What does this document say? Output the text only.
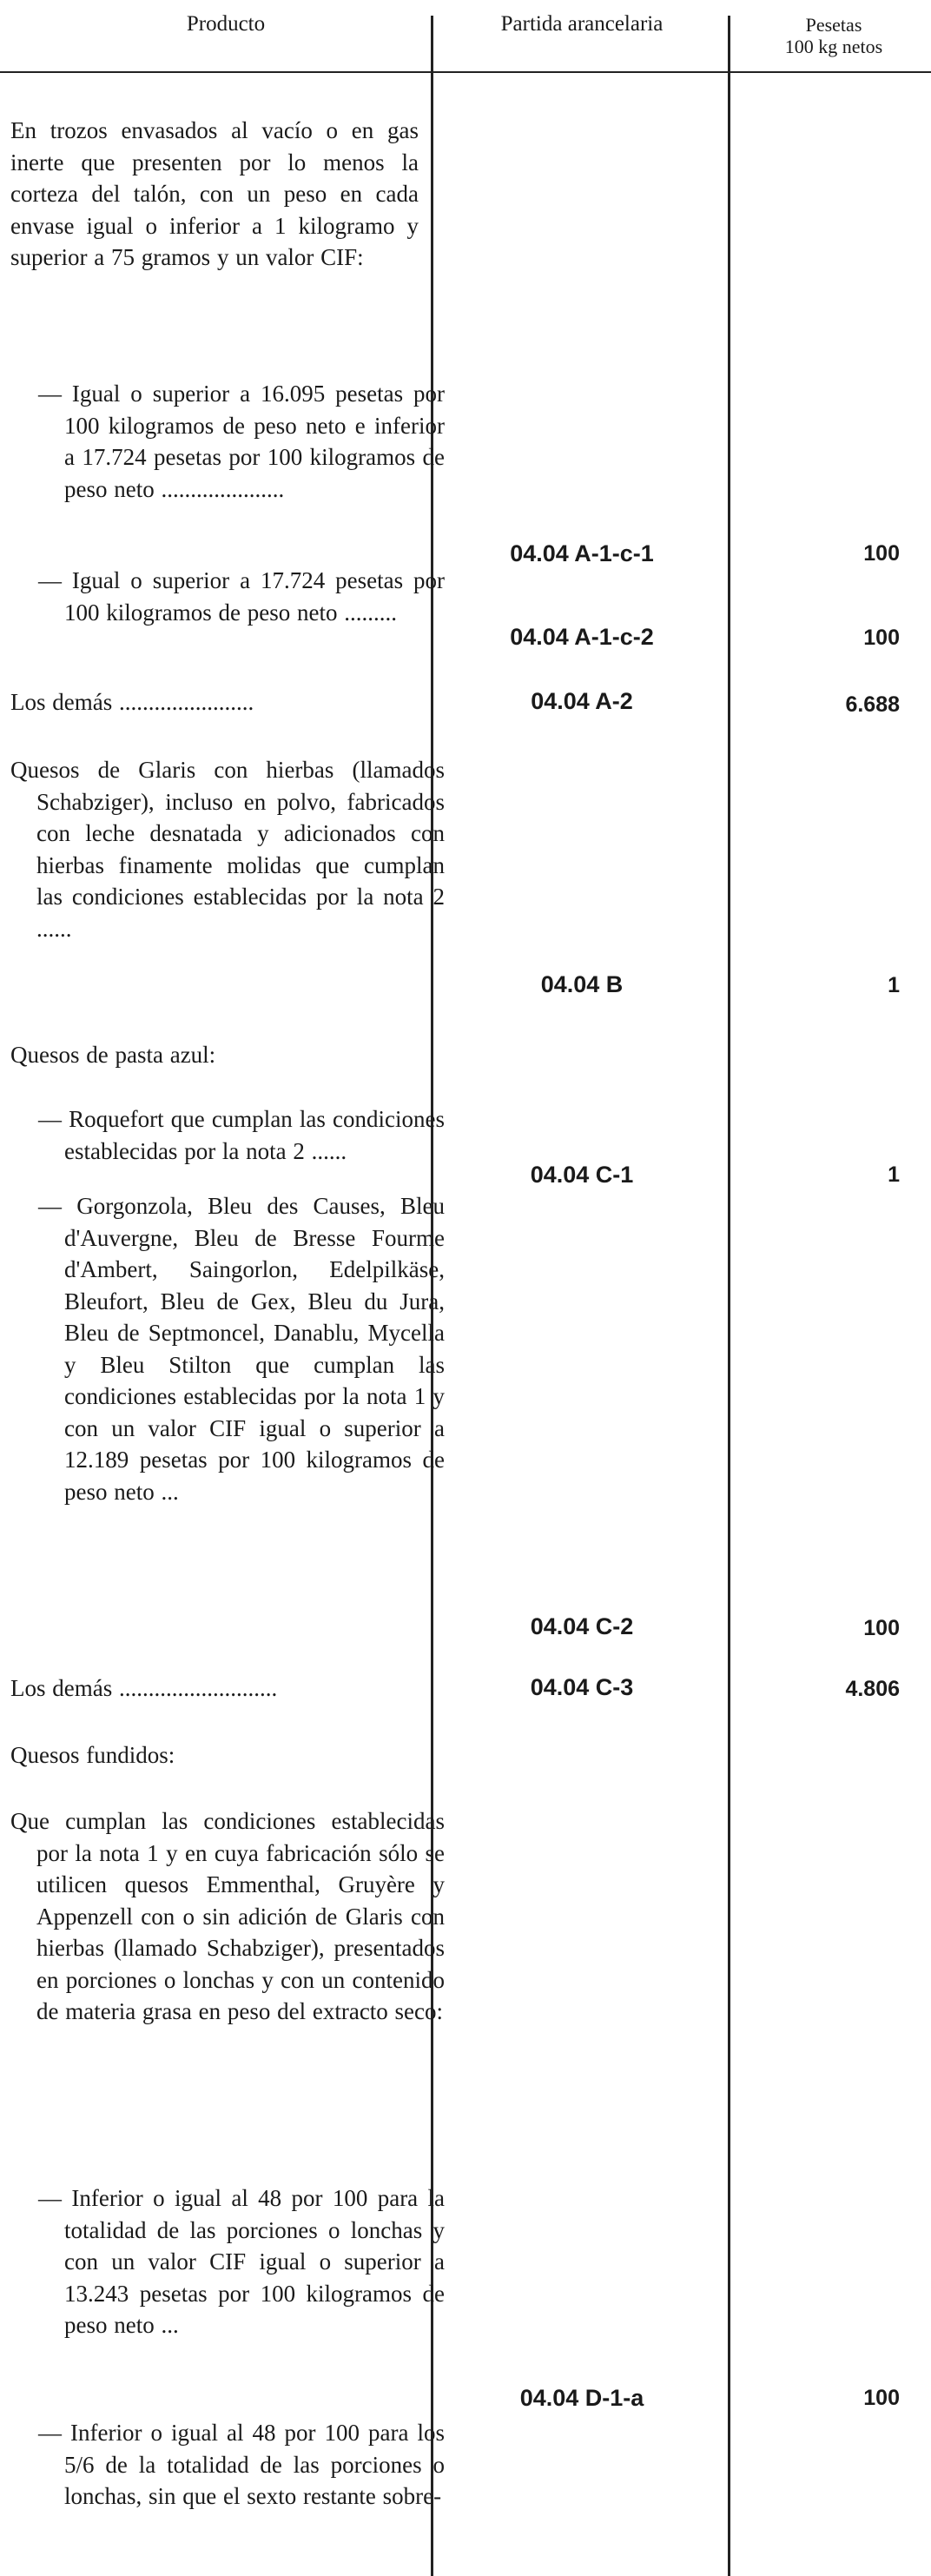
Producto	Partida arancelaria	Pesetas
100 kg netos
En trozos envasados al vacío o en gas inerte que presenten por lo menos la corteza del talón, con un peso en cada envase igual o inferior a 1 kilogramo y superior a 75 gramos y un valor CIF:
— Igual o superior a 16.095 pesetas por 100 kilogramos de peso neto e inferior a 17.724 pesetas por 100 kilogramos de peso neto .....................
04.04 A-1-c-1	100
— Igual o superior a 17.724 pesetas por 100 kilogramos de peso neto .........
04.04 A-1-c-2	100
Los demás .......................	04.04 A-2	6.688
Quesos de Glaris con hierbas (llamados Schabziger), incluso en polvo, fabricados con leche desnatada y adicionados con hierbas finamente molidas que cumplan las condiciones establecidas por la nota 2 ......
04.04 B	1
Quesos de pasta azul:
— Roquefort que cumplan las condiciones establecidas por la nota 2 ......
04.04 C-1	1
— Gorgonzola, Bleu des Causes, Bleu d'Auvergne, Bleu de Bresse Fourme d'Ambert, Saingorlon, Edelpilkäse, Bleufort, Bleu de Gex, Bleu du Jura, Bleu de Septmoncel, Danablu, Mycella y Bleu Stilton que cumplan las condiciones establecidas por la nota 1 y con un valor CIF igual o superior a 12.189 pesetas por 100 kilogramos de peso neto ...
04.04 C-2	100
Los demás ...........................	04.04 C-3	4.806
Quesos fundidos:
Que cumplan las condiciones establecidas por la nota 1 y en cuya fabricación sólo se utilicen quesos Emmenthal, Gruyère y Appenzell con o sin adición de Glaris con hierbas (llamado Schabziger), presentados en porciones o lonchas y con un contenido de materia grasa en peso del extracto seco:
— Inferior o igual al 48 por 100 para la totalidad de las porciones o lonchas y con un valor CIF igual o superior a 13.243 pesetas por 100 kilogramos de peso neto ...
04.04 D-1-a	100
— Inferior o igual al 48 por 100 para los 5/6 de la totalidad de las porciones o lonchas, sin que el sexto restante sobre-
